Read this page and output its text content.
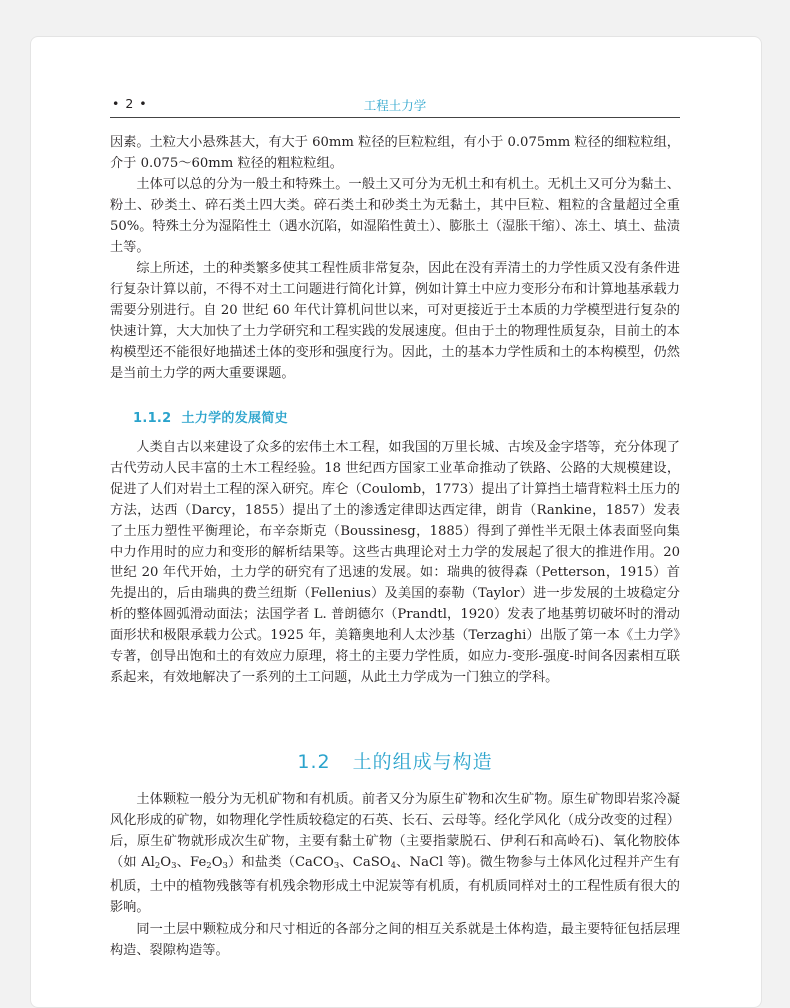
• 2 •	工程土力学

因素。土粒大小悬殊甚大，有大于 60mm 粒径的巨粒粒组，有小于 0.075mm 粒径的细粒粒组，介于 0.075～60mm 粒径的粗粒粒组。

土体可以总的分为一般土和特殊土。一般土又可分为无机土和有机土。无机土又可分为黏土、粉土、砂类土、碎石类土四大类。碎石类土和砂类土为无黏土，其中巨粒、粗粒的含量超过全重 50%。特殊土分为湿陷性土（遇水沉陷，如湿陷性黄土）、膨胀土（湿胀干缩）、冻土、填土、盐渍土等。

综上所述，土的种类繁多使其工程性质非常复杂，因此在没有弄清土的力学性质又没有条件进行复杂计算以前，不得不对土工问题进行简化计算，例如计算土中应力变形分布和计算地基承载力需要分别进行。自 20 世纪 60 年代计算机问世以来，可对更接近于土本质的力学模型进行复杂的快速计算，大大加快了土力学研究和工程实践的发展速度。但由于土的物理性质复杂，目前土的本构模型还不能很好地描述土体的变形和强度行为。因此，土的基本力学性质和土的本构模型，仍然是当前土力学的两大重要课题。

1.1.2 土力学的发展简史

人类自古以来建设了众多的宏伟土木工程，如我国的万里长城、古埃及金字塔等，充分体现了古代劳动人民丰富的土木工程经验。18 世纪西方国家工业革命推动了铁路、公路的大规模建设，促进了人们对岩土工程的深入研究。库仑（Coulomb，1773）提出了计算挡土墙背粒料土压力的方法，达西（Darcy，1855）提出了土的渗透定律即达西定律，朗肯（Rankine，1857）发表了土压力塑性平衡理论，布辛奈斯克（Boussinesg，1885）得到了弹性半无限土体表面竖向集中力作用时的应力和变形的解析结果等。这些古典理论对土力学的发展起了很大的推进作用。20 世纪 20 年代开始，土力学的研究有了迅速的发展。如：瑞典的彼得森（Petterson，1915）首先提出的，后由瑞典的费兰纽斯（Fellenius）及美国的泰勒（Taylor）进一步发展的土坡稳定分析的整体圆弧滑动面法；法国学者 L. 普朗德尔（Prandtl，1920）发表了地基剪切破坏时的滑动面形状和极限承载力公式。1925 年，美籍奥地利人太沙基（Terzaghi）出版了第一本《土力学》专著，创导出饱和土的有效应力原理，将土的主要力学性质，如应力-变形-强度-时间各因素相互联系起来，有效地解决了一系列的土工问题，从此土力学成为一门独立的学科。

1.2 土的组成与构造

土体颗粒一般分为无机矿物和有机质。前者又分为原生矿物和次生矿物。原生矿物即岩浆冷凝风化形成的矿物，如物理化学性质较稳定的石英、长石、云母等。经化学风化（成分改变的过程）后，原生矿物就形成次生矿物，主要有黏土矿物（主要指蒙脱石、伊利石和高岭石)、氧化物胶体（如 $Al_2O_3$、$Fe_2O_3$）和盐类（CaCO$_3$、CaSO$_4$、NaCl 等)。微生物参与土体风化过程并产生有机质，土中的植物残骸等有机残余物形成土中泥炭等有机质，有机质同样对土的工程性质有很大的影响。

同一土层中颗粒成分和尺寸相近的各部分之间的相互关系就是土体构造，最主要特征包括层理构造、裂隙构造等。
